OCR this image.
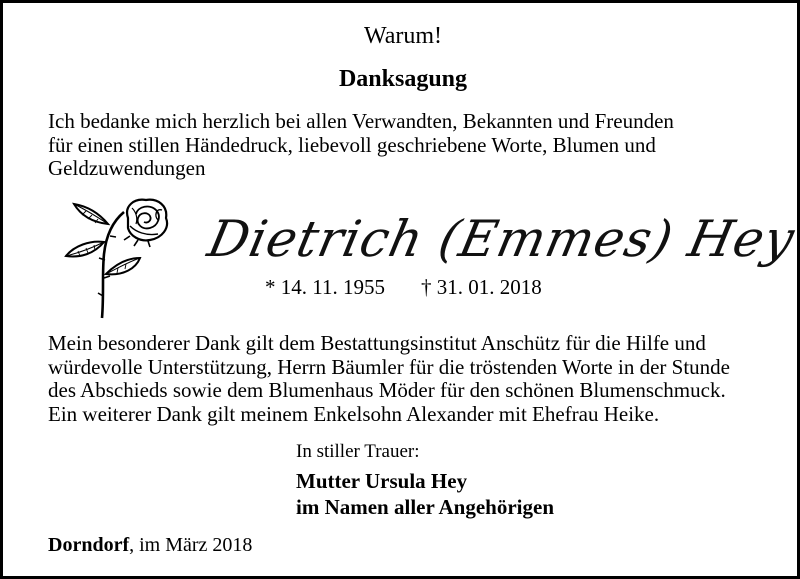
Warum!
Danksagung
Ich bedanke mich herzlich bei allen Verwandten, Bekannten und Freunden
für einen stillen Händedruck, liebevoll geschriebene Worte, Blumen und
Geldzuwendungen
Dietrich (Emmes) Hey
* 14. 11. 1955 † 31. 01. 2018
Mein besonderer Dank gilt dem Bestattungsinstitut Anschütz für die Hilfe und
würdevolle Unterstützung, Herrn Bäumler für die tröstenden Worte in der Stunde
des Abschieds sowie dem Blumenhaus Möder für den schönen Blumenschmuck.
Ein weiterer Dank gilt meinem Enkelsohn Alexander mit Ehefrau Heike.
In stiller Trauer:
Mutter Ursula Hey
im Namen aller Angehörigen
Dorndorf, im März 2018
